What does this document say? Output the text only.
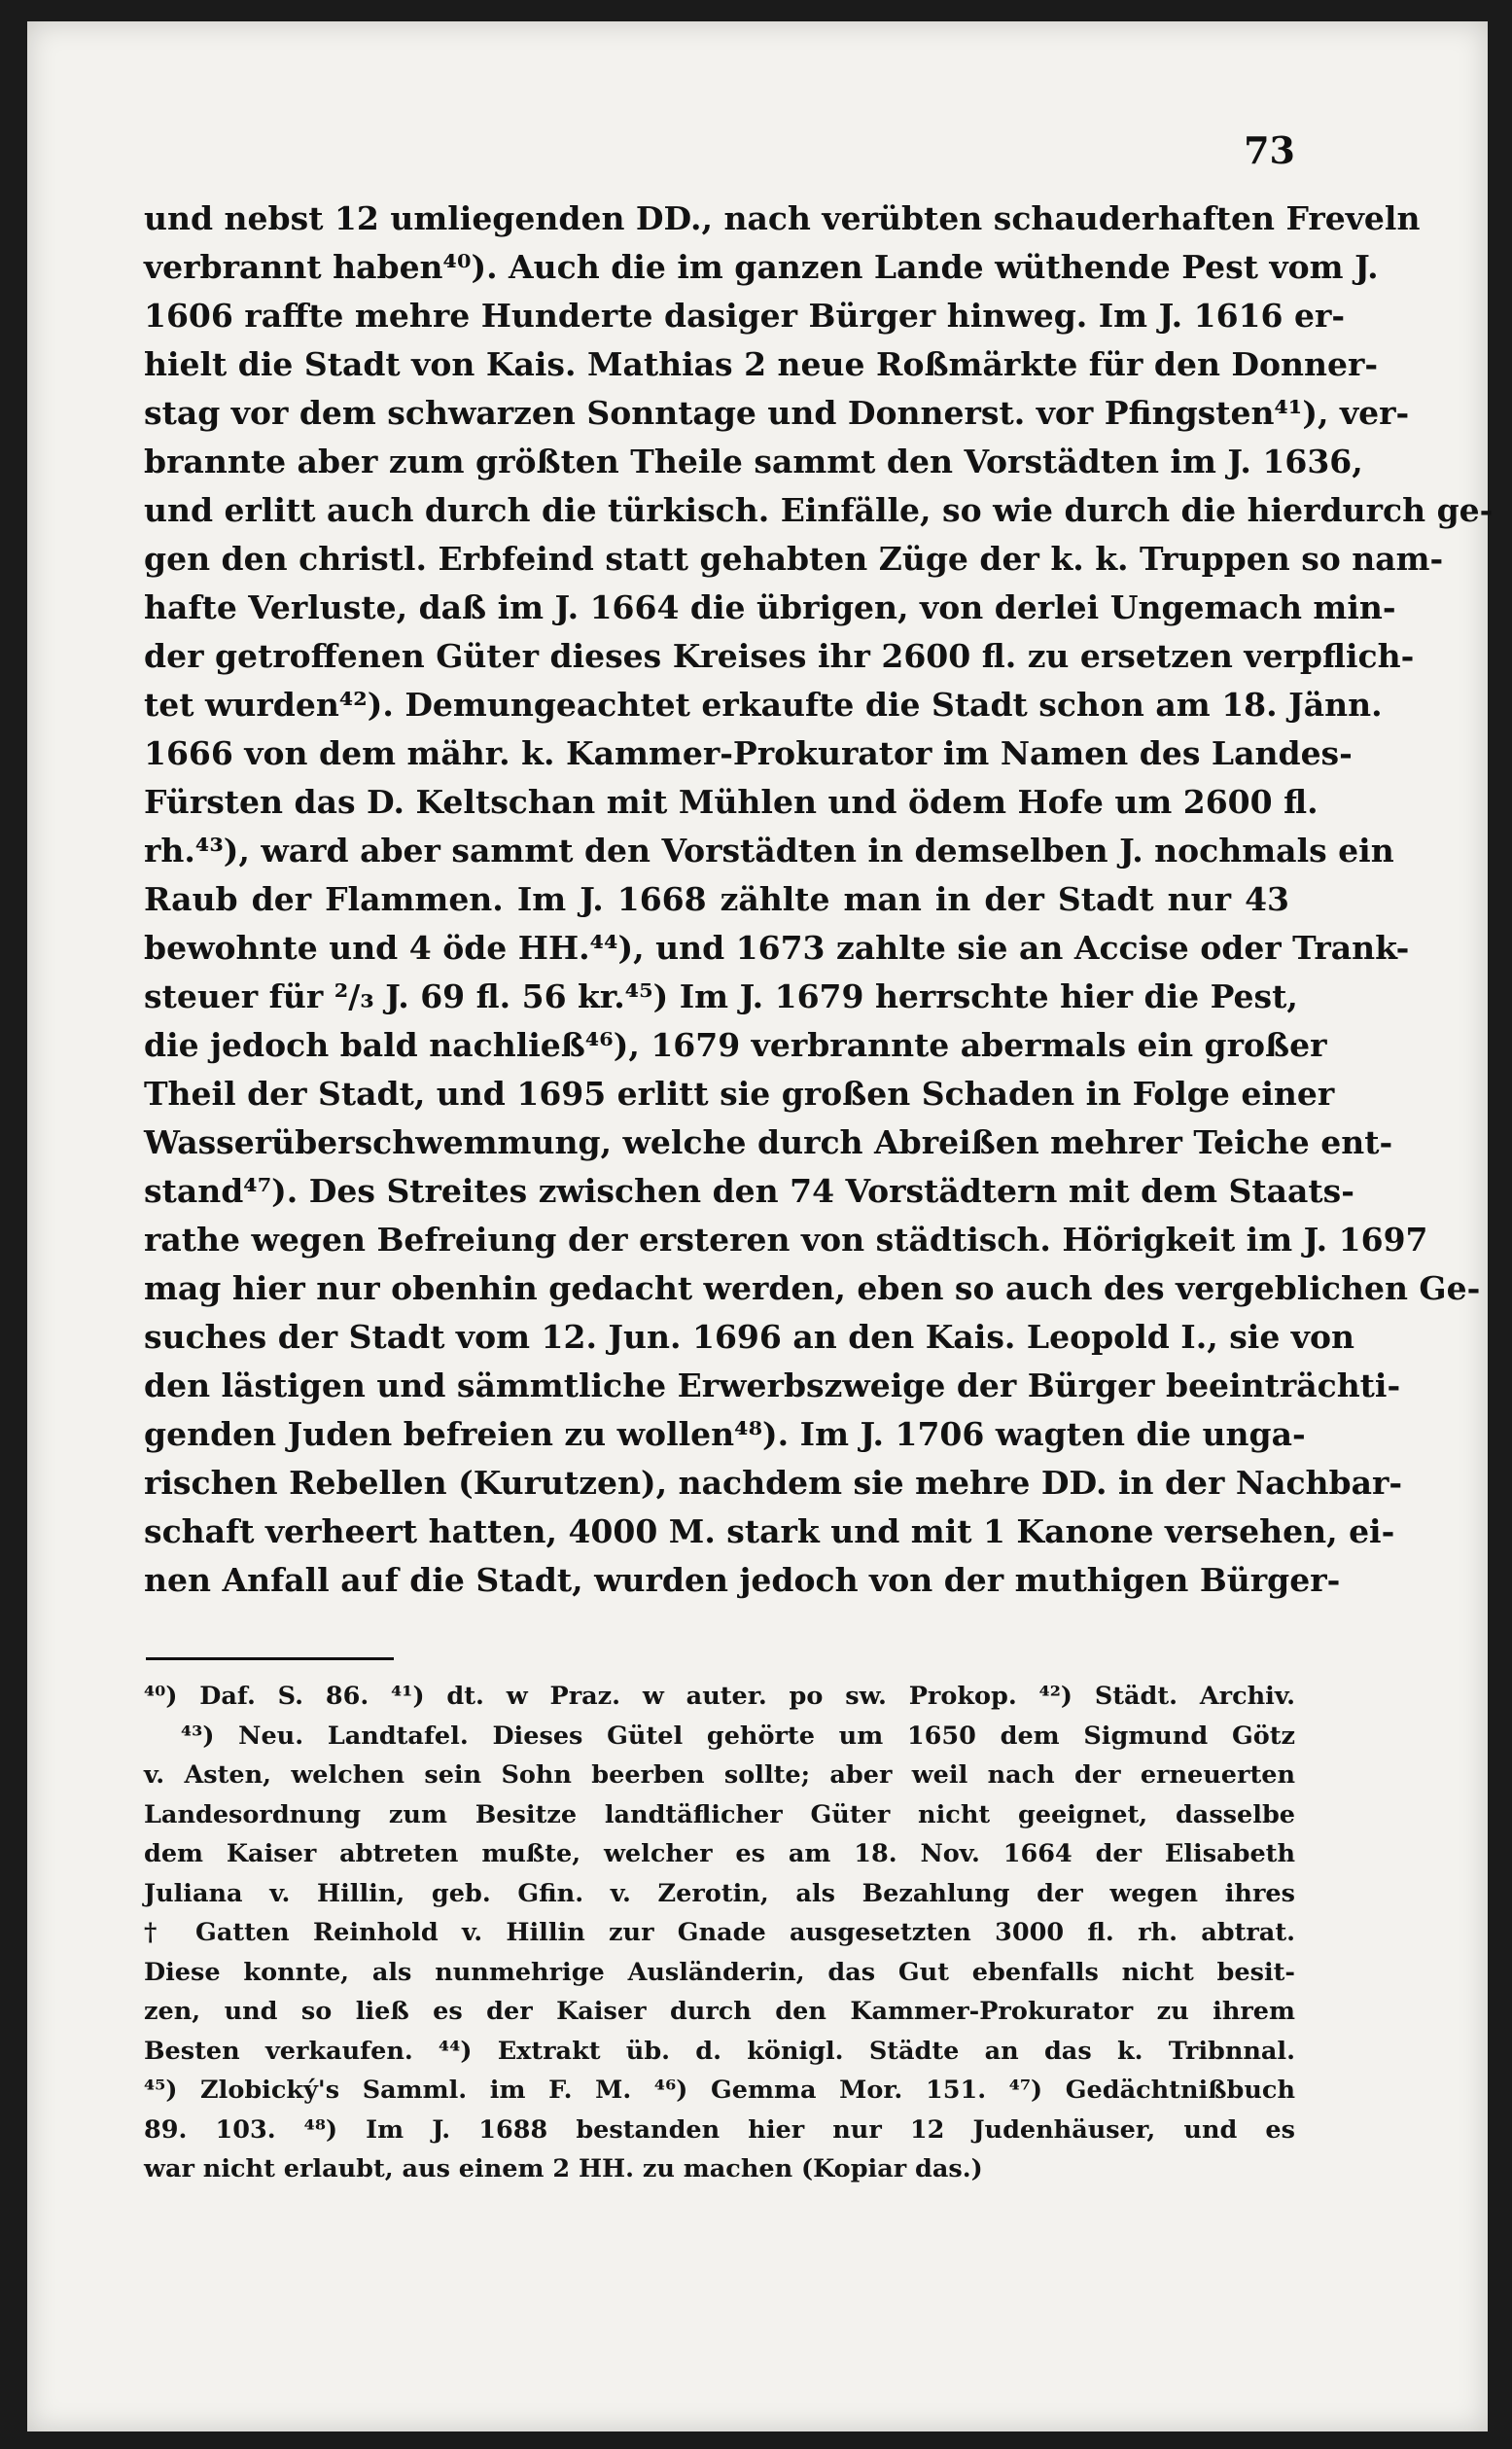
73
und nebst 12 umliegenden DD., nach verübten schauderhaften Freveln
verbrannt haben⁴⁰). Auch die im ganzen Lande wüthende Pest vom J.
1606 raffte mehre Hunderte dasiger Bürger hinweg. Im J. 1616 er-
hielt die Stadt von Kais. Mathias 2 neue Roßmärkte für den Donner-
stag vor dem schwarzen Sonntage und Donnerst. vor Pfingsten⁴¹), ver-
brannte aber zum größten Theile sammt den Vorstädten im J. 1636,
und erlitt auch durch die türkisch. Einfälle, so wie durch die hierdurch ge-
gen den christl. Erbfeind statt gehabten Züge der k. k. Truppen so nam-
hafte Verluste, daß im J. 1664 die übrigen, von derlei Ungemach min-
der getroffenen Güter dieses Kreises ihr 2600 fl. zu ersetzen verpflich-
tet wurden⁴²). Demungeachtet erkaufte die Stadt schon am 18. Jänn.
1666 von dem mähr. k. Kammer-Prokurator im Namen des Landes-
Fürsten das D. Keltschan mit Mühlen und ödem Hofe um 2600 fl.
rh.⁴³), ward aber sammt den Vorstädten in demselben J. nochmals ein
Raub der Flammen. Im J. 1668 zählte man in der Stadt nur 43
bewohnte und 4 öde HH.⁴⁴), und 1673 zahlte sie an Accise oder Trank-
steuer für ²/₃ J. 69 fl. 56 kr.⁴⁵) Im J. 1679 herrschte hier die Pest,
die jedoch bald nachließ⁴⁶), 1679 verbrannte abermals ein großer
Theil der Stadt, und 1695 erlitt sie großen Schaden in Folge einer
Wasserüberschwemmung, welche durch Abreißen mehrer Teiche ent-
stand⁴⁷). Des Streites zwischen den 74 Vorstädtern mit dem Staats-
rathe wegen Befreiung der ersteren von städtisch. Hörigkeit im J. 1697
mag hier nur obenhin gedacht werden, eben so auch des vergeblichen Ge-
suches der Stadt vom 12. Jun. 1696 an den Kais. Leopold I., sie von
den lästigen und sämmtliche Erwerbszweige der Bürger beeinträchti-
genden Juden befreien zu wollen⁴⁸). Im J. 1706 wagten die unga-
rischen Rebellen (Kurutzen), nachdem sie mehre DD. in der Nachbar-
schaft verheert hatten, 4000 M. stark und mit 1 Kanone versehen, ei-
nen Anfall auf die Stadt, wurden jedoch von der muthigen Bürger-
⁴⁰) Daf. S. 86. ⁴¹) dt. w Praz. w auter. po sw. Prokop. ⁴²) Städt. Archiv.
⁴³) Neu. Landtafel. Dieses Gütel gehörte um 1650 dem Sigmund Götz
v. Asten, welchen sein Sohn beerben sollte; aber weil nach der erneuerten
Landesordnung zum Besitze landtäflicher Güter nicht geeignet, dasselbe
dem Kaiser abtreten mußte, welcher es am 18. Nov. 1664 der Elisabeth
Juliana v. Hillin, geb. Gfin. v. Zerotin, als Bezahlung der wegen ihres
† Gatten Reinhold v. Hillin zur Gnade ausgesetzten 3000 fl. rh. abtrat.
Diese konnte, als nunmehrige Ausländerin, das Gut ebenfalls nicht besit-
zen, und so ließ es der Kaiser durch den Kammer-Prokurator zu ihrem
Besten verkaufen. ⁴⁴) Extrakt üb. d. königl. Städte an das k. Tribnnal.
⁴⁵) Zlobický's Samml. im F. M. ⁴⁶) Gemma Mor. 151. ⁴⁷) Gedächtnißbuch
89. 103. ⁴⁸) Im J. 1688 bestanden hier nur 12 Judenhäuser, und es
war nicht erlaubt, aus einem 2 HH. zu machen (Kopiar das.)
